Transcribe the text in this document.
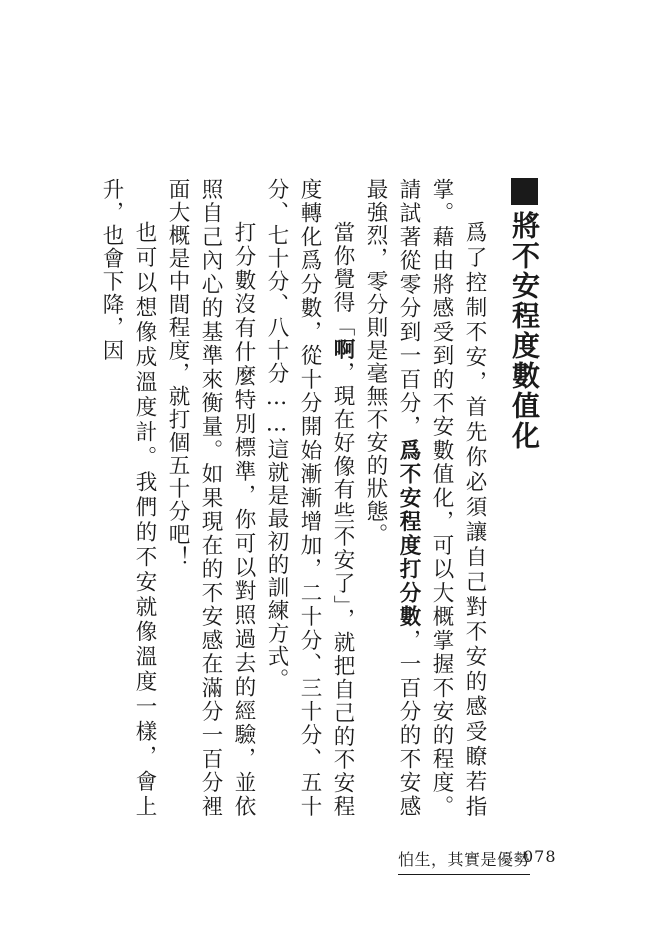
將不安程度數值化

爲了控制不安，首先你必須讓自己對不安的感受瞭若指掌。藉由將感受到的不安數值化，可以大概掌握不安的程度。請試著從零分到一百分，爲不安程度打分數，一百分的不安感最強烈，零分則是毫無不安的狀態。

當你覺得「啊，現在好像有些不安了」，就把自己的不安程度轉化爲分數，從十分開始漸漸增加，二十分、三十分、五十分、七十分、八十分……這就是最初的訓練方式。

打分數沒有什麼特別標準，你可以對照過去的經驗，並依照自己內心的基準來衡量。如果現在的不安感在滿分一百分裡面大概是中間程度，就打個五十分吧！

也可以想像成溫度計。我們的不安就像溫度一樣，會上升，也會下降，因

怕生，其實是優勢
078
